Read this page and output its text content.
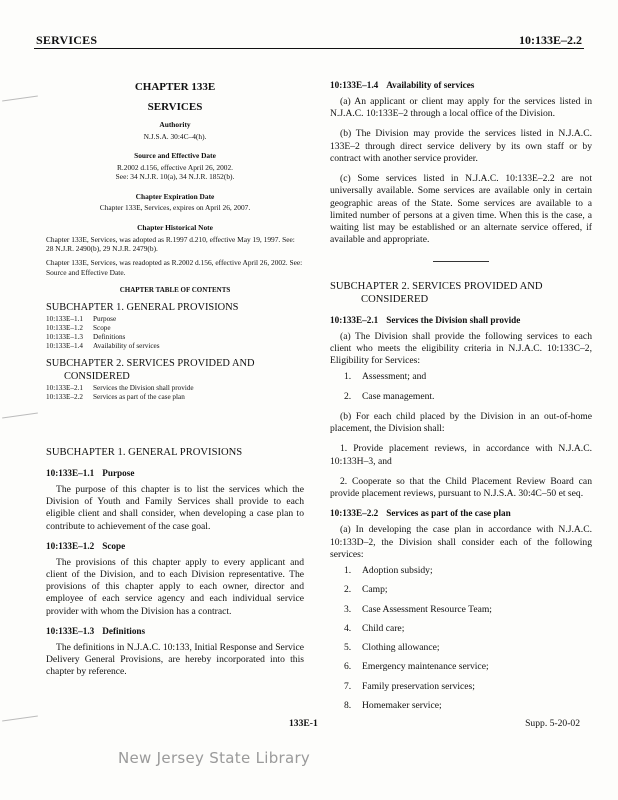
SERVICES	10:133E–2.2
CHAPTER 133E
SERVICES
Authority
N.J.S.A. 30:4C–4(h).
Source and Effective Date
R.2002 d.156, effective April 26, 2002.
See: 34 N.J.R. 10(a), 34 N.J.R. 1852(b).
Chapter Expiration Date
Chapter 133E, Services, expires on April 26, 2007.
Chapter Historical Note

Chapter 133E, Services, was adopted as R.1997 d.210, effective May 19, 1997. See: 28 N.J.R. 2490(b), 29 N.J.R. 2479(b).

Chapter 133E, Services, was readopted as R.2002 d.156, effective April 26, 2002. See: Source and Effective Date.

CHAPTER TABLE OF CONTENTS
SUBCHAPTER 1. GENERAL PROVISIONS
10:133E–1.1 Purpose
10:133E–1.2 Scope
10:133E–1.3 Definitions
10:133E–1.4 Availability of services
SUBCHAPTER 2. SERVICES PROVIDED AND
CONSIDERED
10:133E–2.1 Services the Division shall provide
10:133E–2.2 Services as part of the case plan
SUBCHAPTER 1. GENERAL PROVISIONS
10:133E–1.1 Purpose
The purpose of this chapter is to list the services which the Division of Youth and Family Services shall provide to each eligible client and shall consider, when developing a case plan to contribute to achievement of the case goal.
10:133E–1.2 Scope
The provisions of this chapter apply to every applicant and client of the Division, and to each Division representative. The provisions of this chapter apply to each owner, director and employee of each service agency and each individual service provider with whom the Division has a contract.
10:133E–1.3 Definitions
The definitions in N.J.A.C. 10:133, Initial Response and Service Delivery General Provisions, are hereby incorporated into this chapter by reference.
10:133E–1.4 Availability of services
(a) An applicant or client may apply for the services listed in N.J.A.C. 10:133E–2 through a local office of the Division.
(b) The Division may provide the services listed in N.J.A.C. 133E–2 through direct service delivery by its own staff or by contract with another service provider.
(c) Some services listed in N.J.A.C. 10:133E–2.2 are not universally available. Some services are available only in certain geographic areas of the State. Some services are available to a limited number of persons at a given time. When this is the case, a waiting list may be established or an alternate service offered, if available and appropriate.
SUBCHAPTER 2. SERVICES PROVIDED AND
CONSIDERED
10:133E–2.1 Services the Division shall provide
(a) The Division shall provide the following services to each client who meets the eligibility criteria in N.J.A.C. 10:133C–2, Eligibility for Services:
1. Assessment; and
2. Case management.
(b) For each child placed by the Division in an out-of-home placement, the Division shall:
1. Provide placement reviews, in accordance with N.J.A.C. 10:133H–3, and
2. Cooperate so that the Child Placement Review Board can provide placement reviews, pursuant to N.J.S.A. 30:4C–50 et seq.
10:133E–2.2 Services as part of the case plan
(a) In developing the case plan in accordance with N.J.A.C. 10:133D–2, the Division shall consider each of the following services:
1. Adoption subsidy;
2. Camp;
3. Case Assessment Resource Team;
4. Child care;
5. Clothing allowance;
6. Emergency maintenance service;
7. Family preservation services;
8. Homemaker service;
133E-1	Supp. 5-20-02
New Jersey State Library
